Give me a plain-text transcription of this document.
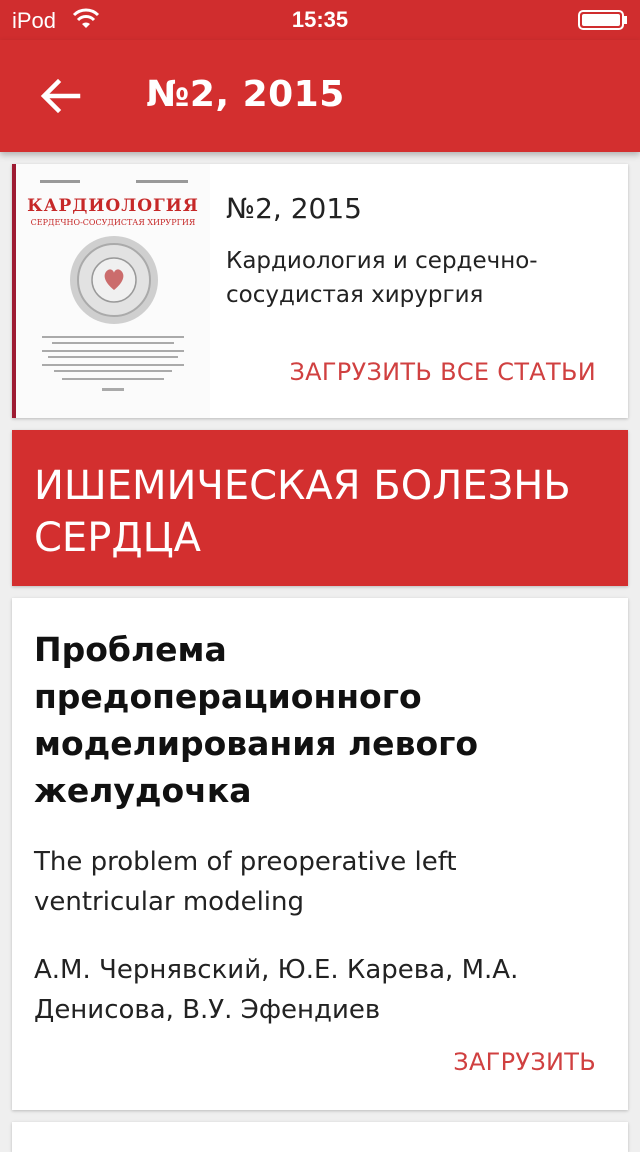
iPod	15:35
№2, 2015
КАРДИОЛОГИЯ
СЕРДЕЧНО-СОСУДИСТАЯ ХИРУРГИЯ	№2, 2015
Кардиология и сердечно-сосудистая хирургия
ЗАГРУЗИТЬ ВСЕ СТАТЬИ
ИШЕМИЧЕСКАЯ БОЛЕЗНЬ СЕРДЦА
Проблема предоперационного моделирования левого желудочка
The problem of preoperative left ventricular modeling
А.М. Чернявский, Ю.Е. Карева, М.А. Денисова, В.У. Эфендиев
ЗАГРУЗИТЬ
